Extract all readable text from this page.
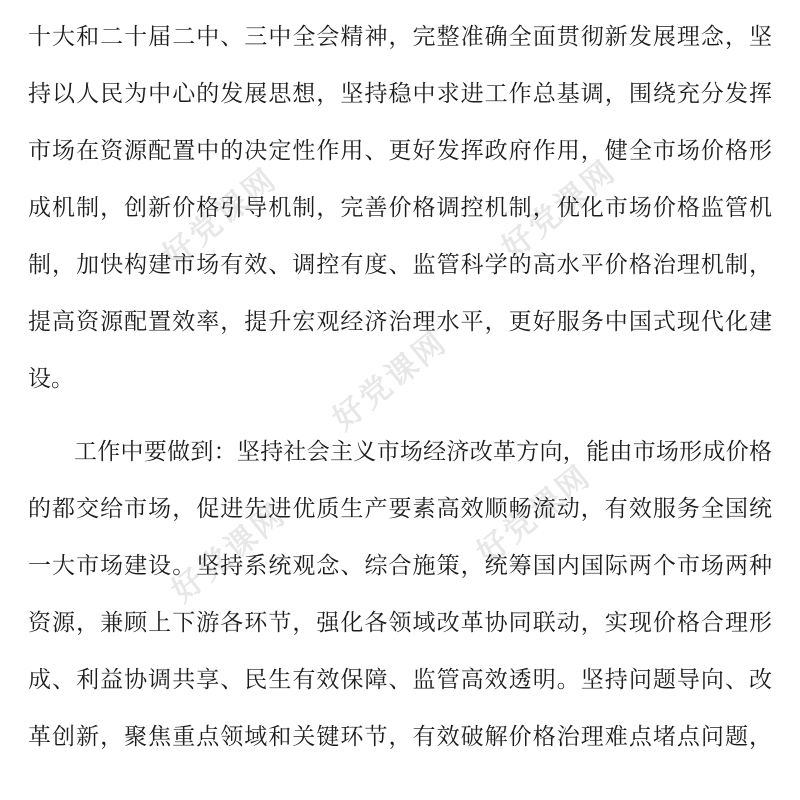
好党课网	好党课网
好党课网
好党课网	好党课网
十大和二十届二中、三中全会精神，完整准确全面贯彻新发展理念，坚
持以人民为中心的发展思想，坚持稳中求进工作总基调，围绕充分发挥
市场在资源配置中的决定性作用、更好发挥政府作用，健全市场价格形
成机制，创新价格引导机制，完善价格调控机制，优化市场价格监管机
制，加快构建市场有效、调控有度、监管科学的高水平价格治理机制，
提高资源配置效率，提升宏观经济治理水平，更好服务中国式现代化建
设。
工作中要做到：坚持社会主义市场经济改革方向，能由市场形成价格
的都交给市场，促进先进优质生产要素高效顺畅流动，有效服务全国统
一大市场建设。坚持系统观念、综合施策，统筹国内国际两个市场两种
资源，兼顾上下游各环节，强化各领域改革协同联动，实现价格合理形
成、利益协调共享、民生有效保障、监管高效透明。坚持问题导向、改
革创新，聚焦重点领域和关键环节，有效破解价格治理难点堵点问题，
